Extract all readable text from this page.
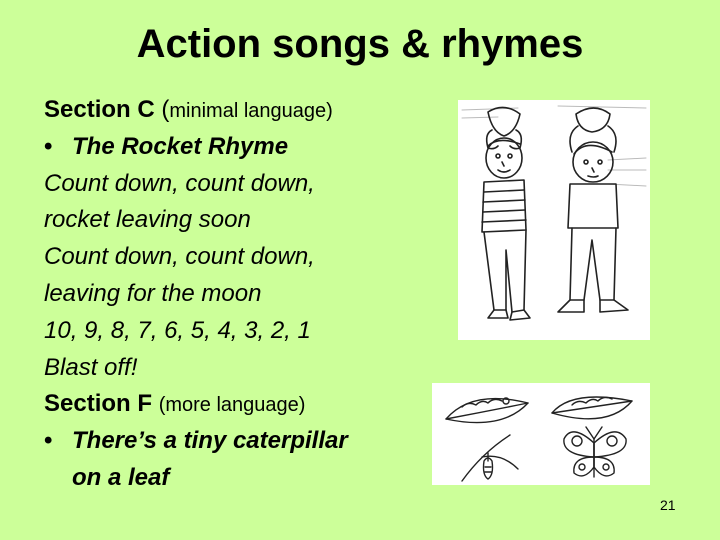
Action songs & rhymes
Section C (minimal language)
• The Rocket Rhyme
Count down, count down,
rocket leaving soon
Count down, count down,
leaving for the moon
10, 9, 8, 7, 6, 5, 4, 3, 2, 1
Blast off!
Section F (more language)
• There’s a tiny caterpillar
on a leaf
21
